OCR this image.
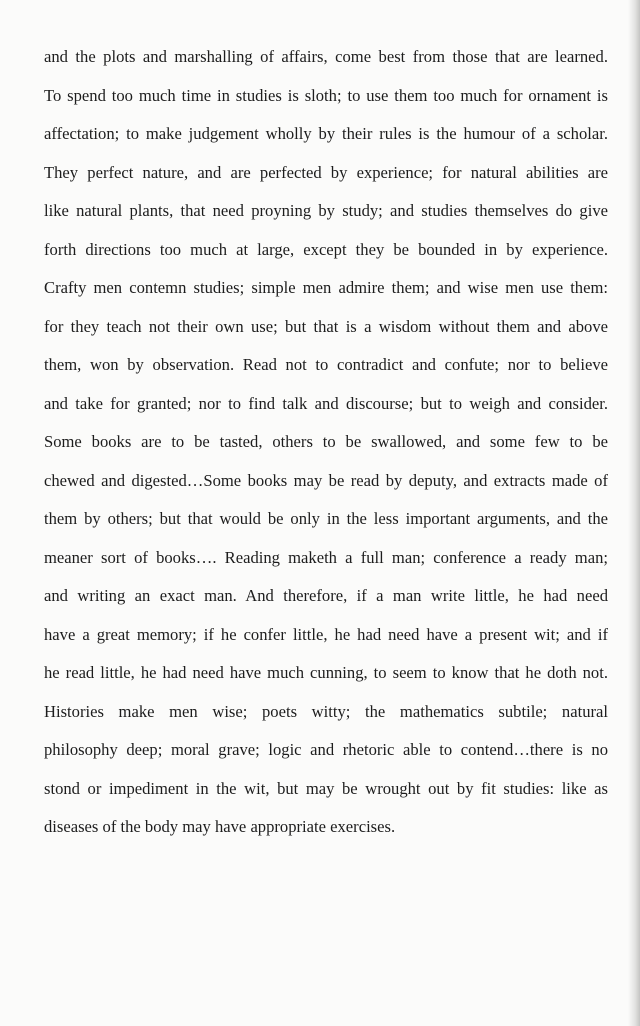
and the plots and marshalling of affairs, come best from those that are learned.
To spend too much time in studies is sloth; to use them too much for ornament is
affectation; to make judgement wholly by their rules is the humour of a scholar.
They perfect nature, and are perfected by experience; for natural abilities are
like natural plants, that need proyning by study; and studies themselves do give
forth directions too much at large, except they be bounded in by experience.
Crafty men contemn studies; simple men admire them; and wise men use them:
for they teach not their own use; but that is a wisdom without them and above
them, won by observation. Read not to contradict and confute; nor to believe
and take for granted; nor to find talk and discourse; but to weigh and consider.
Some books are to be tasted, others to be swallowed, and some few to be
chewed and digested…Some books may be read by deputy, and extracts made of
them by others; but that would be only in the less important arguments, and the
meaner sort of books…. Reading maketh a full man; conference a ready man;
and writing an exact man. And therefore, if a man write little, he had need
have a great memory; if he confer little, he had need have a present wit; and if
he read little, he had need have much cunning, to seem to know that he doth not.
Histories make men wise; poets witty; the mathematics subtile; natural
philosophy deep; moral grave; logic and rhetoric able to contend…there is no
stond or impediment in the wit, but may be wrought out by fit studies: like as
diseases of the body may have appropriate exercises.
